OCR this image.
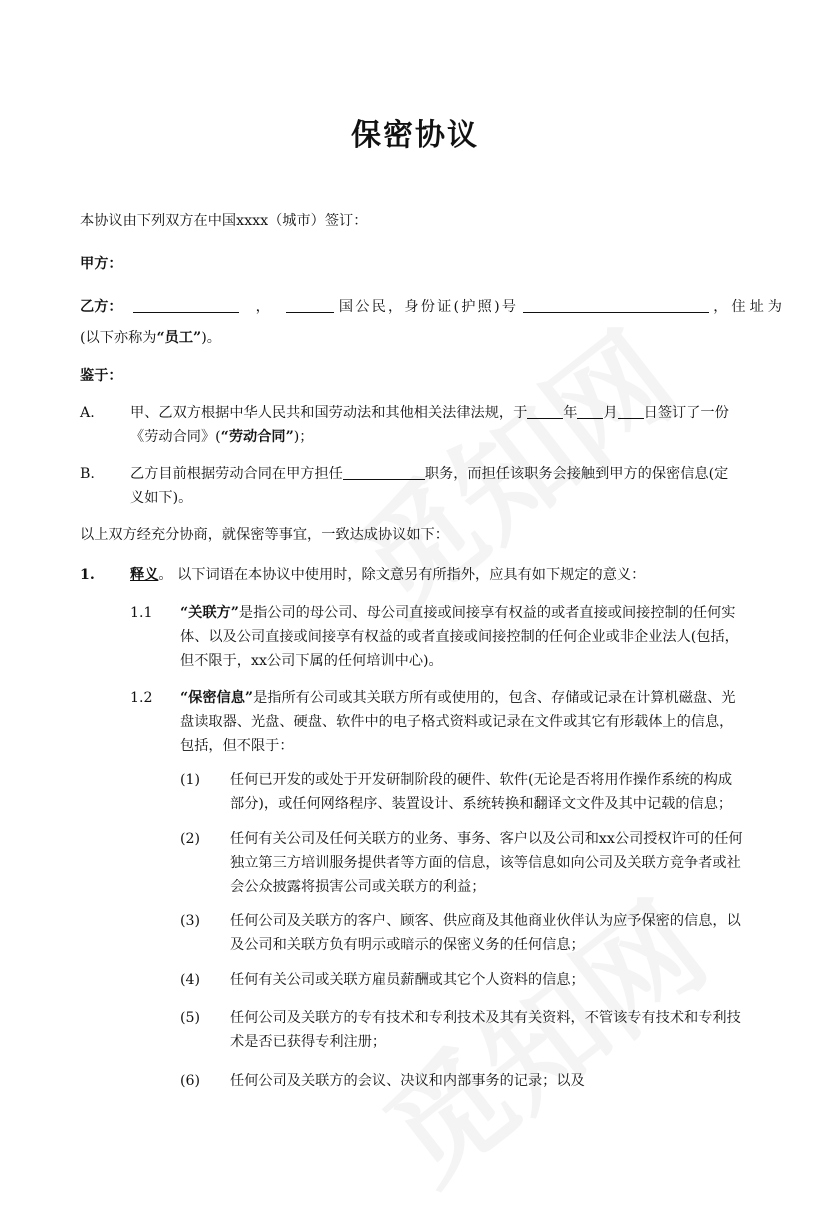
保密协议
本协议由下列双方在中国xxxx（城市）签订：
甲方：
乙方：	，	国公民，身份证(护照)号	，住址为
(以下亦称为“员工”)。
鉴于：
A. 甲、乙双方根据中华人民共和国劳动法和其他相关法律法规，于	年 月 日签订了一份
《劳动合同》(“劳动合同”)；
B. 乙方目前根据劳动合同在甲方担任	职务，而担任该职务会接触到甲方的保密信息(定
义如下)。
以上双方经充分协商，就保密等事宜，一致达成协议如下：
1. 释义。 以下词语在本协议中使用时，除文意另有所指外，应具有如下规定的意义：
1.1 “关联方”是指公司的母公司、母公司直接或间接享有权益的或者直接或间接控制的任何实
体、以及公司直接或间接享有权益的或者直接或间接控制的任何企业或非企业法人(包括，
但不限于，xx公司下属的任何培训中心)。
1.2 “保密信息”是指所有公司或其关联方所有或使用的，包含、存储或记录在计算机磁盘、光
盘读取器、光盘、硬盘、软件中的电子格式资料或记录在文件或其它有形载体上的信息，
包括，但不限于：
(1) 任何已开发的或处于开发研制阶段的硬件、软件(无论是否将用作操作系统的构成
部分)，或任何网络程序、装置设计、系统转换和翻译文文件及其中记载的信息；
(2) 任何有关公司及任何关联方的业务、事务、客户以及公司和xx公司授权许可的任何
独立第三方培训服务提供者等方面的信息，该等信息如向公司及关联方竞争者或社
会公众披露将损害公司或关联方的利益；
(3) 任何公司及关联方的客户、顾客、供应商及其他商业伙伴认为应予保密的信息，以
及公司和关联方负有明示或暗示的保密义务的任何信息；
(4) 任何有关公司或关联方雇员薪酬或其它个人资料的信息；
(5) 任何公司及关联方的专有技术和专利技术及其有关资料，不管该专有技术和专利技
术是否已获得专利注册；
(6) 任何公司及关联方的会议、决议和内部事务的记录；以及
